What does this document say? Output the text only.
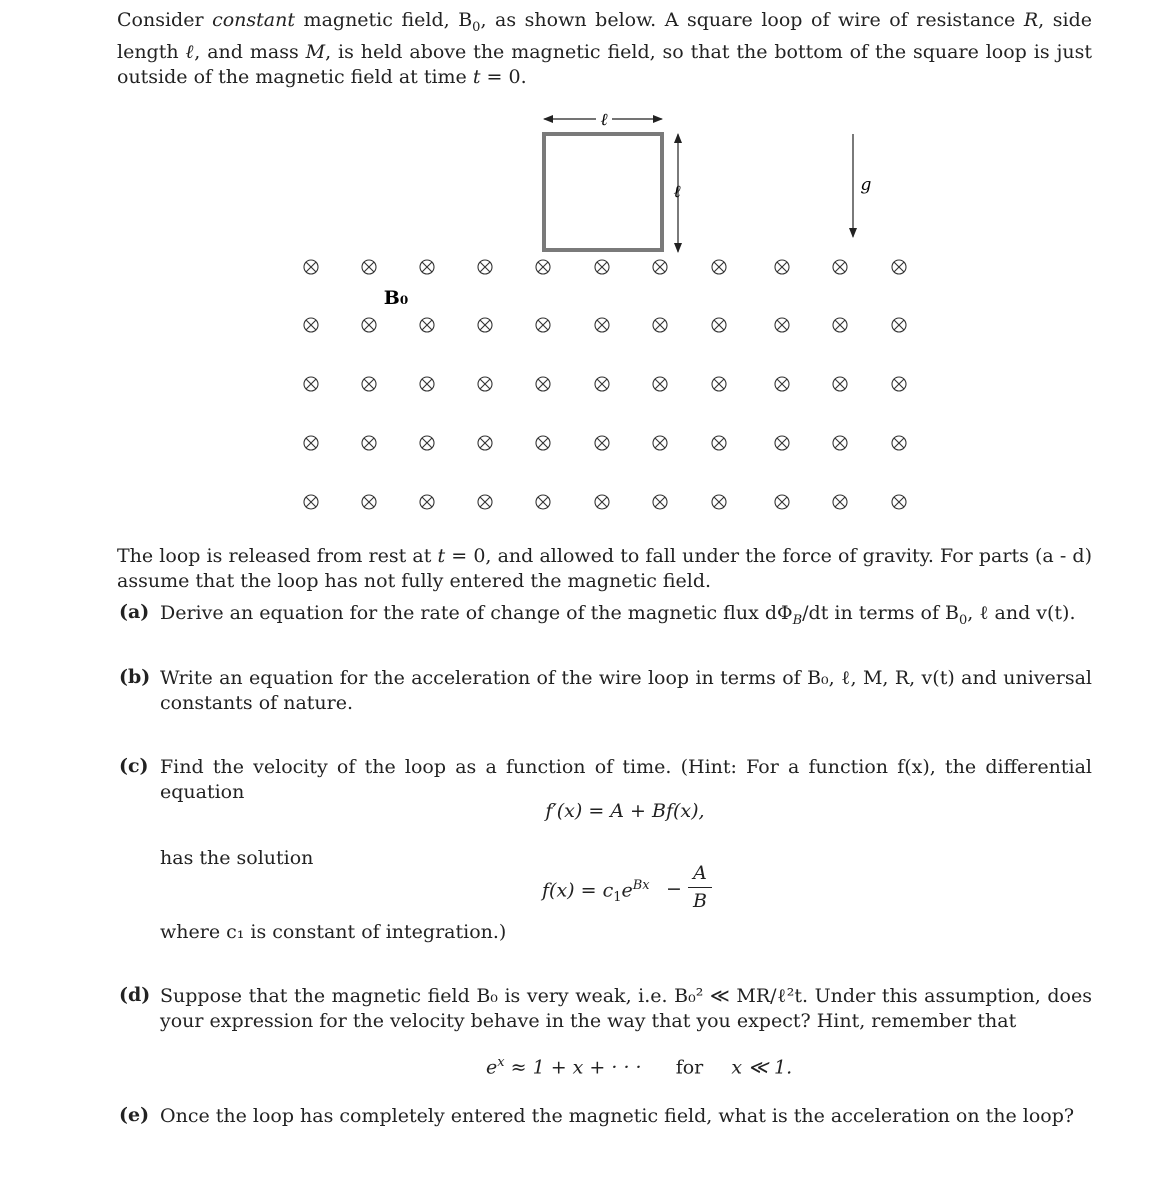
Consider constant magnetic field, $B_0$, as shown below. A square loop of wire of resistance R, side length ℓ, and mass M, is held above the magnetic field, so that the bottom of the square loop is just outside of the magnetic field at time t = 0.
ℓ
ℓ	g
B₀
The loop is released from rest at t = 0, and allowed to fall under the force of gravity. For parts (a - d) assume that the loop has not fully entered the magnetic field.
(a) Derive an equation for the rate of change of the magnetic flux $d\Phi_B/dt$ in terms of $B_0$, ℓ and v(t).
(b) Write an equation for the acceleration of the wire loop in terms of B₀, ℓ, M, R, v(t) and universal constants of nature.
(c) Find the velocity of the loop as a function of time. (Hint: For a function f(x), the differential equation
f′(x) = A + Bf(x),
has the solution
$f(x) = c_1e^{Bx}$ −
A
B
where c₁ is constant of integration.)
(d) Suppose that the magnetic field B₀ is very weak, i.e. B₀² ≪ MR/ℓ²t. Under this assumption, does your expression for the velocity behave in the way that you expect? Hint, remember that
$e^x \approx 1 + x$ + · · · for x ≪ 1.
(e) Once the loop has completely entered the magnetic field, what is the acceleration on the loop?
